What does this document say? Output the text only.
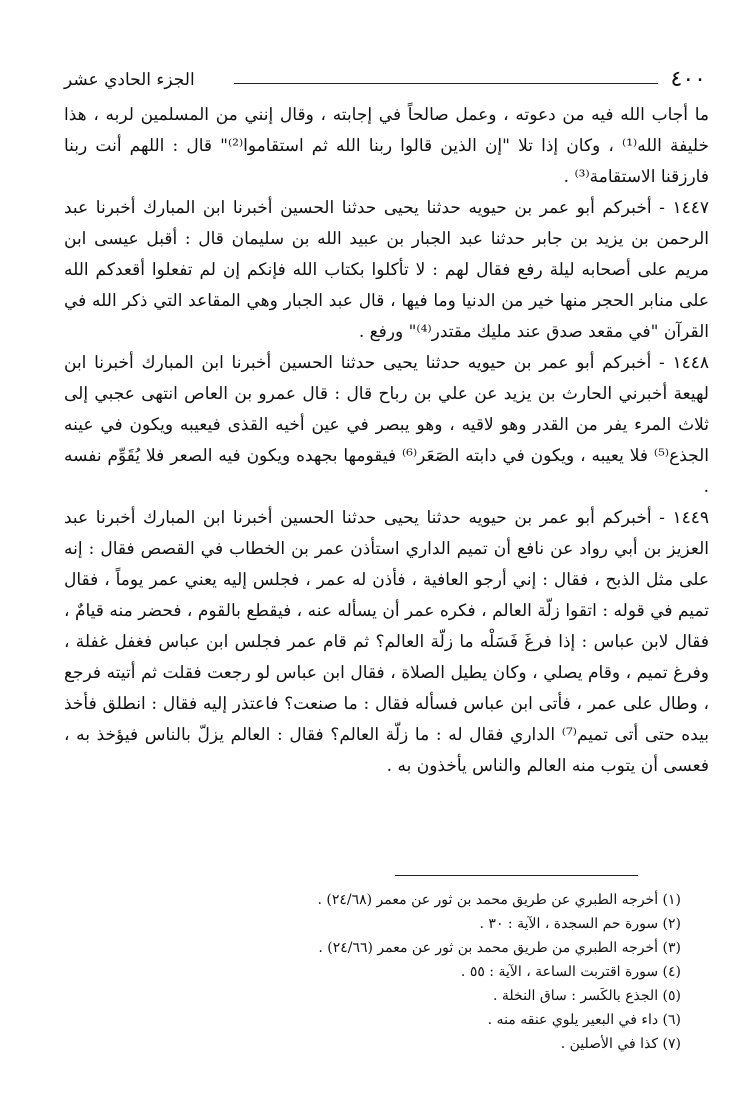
٤٠٠
الجزء الحادي عشر

ما أجاب الله فيه من دعوته ، وعمل صالحاً في إجابته ، وقال إنني من المسلمين لربه ، هذا خليفة الله⁽¹⁾ ، وكان إذا تلا "إن الذين قالوا ربنا الله ثم استقاموا⁽²⁾" قال : اللهم أنت ربنا فارزقنا الاستقامة⁽³⁾ .

١٤٤٧ - أخبركم أبو عمر بن حيويه حدثنا يحيى حدثنا الحسين أخبرنا ابن المبارك أخبرنا عبد الرحمن بن يزيد بن جابر حدثنا عبد الجبار بن عبيد الله بن سليمان قال : أقبل عيسى ابن مريم على أصحابه ليلة رفع فقال لهم : لا تأكلوا بكتاب الله فإنكم إن لم تفعلوا أقعدكم الله على منابر الحجر منها خير من الدنيا وما فيها ، قال عبد الجبار وهي المقاعد التي ذكر الله في القرآن "في مقعد صدق عند مليك مقتدر⁽⁴⁾" ورفع .

١٤٤٨ - أخبركم أبو عمر بن حيويه حدثنا يحيى حدثنا الحسين أخبرنا ابن المبارك أخبرنا ابن لهيعة أخبرني الحارث بن يزيد عن علي بن رباح قال : قال عمرو بن العاص انتهى عجبي إلى ثلاث المرء يفر من القدر وهو لاقيه ، وهو يبصر في عين أخيه القذى فيعيبه ويكون في عينه الجذع⁽⁵⁾ فلا يعيبه ، ويكون في دابته الصَعَر⁽⁶⁾ فيقومها بجهده ويكون فيه الصعر فلا يُقَوِّم نفسه .

١٤٤٩ - أخبركم أبو عمر بن حيويه حدثنا يحيى حدثنا الحسين أخبرنا ابن المبارك أخبرنا عبد العزيز بن أبي رواد عن نافع أن تميم الداري استأذن عمر بن الخطاب في القصص فقال : إنه على مثل الذبح ، فقال : إني أرجو العافية ، فأذن له عمر ، فجلس إليه يعني عمر يوماً ، فقال تميم في قوله : اتقوا زلّة العالم ، فكره عمر أن يسأله عنه ، فيقطع بالقوم ، فحضر منه قيامٌ ، فقال لابن عباس : إذا فرغَ فَسَلْه ما زلّة العالم؟ ثم قام عمر فجلس ابن عباس فغفل غفلة ، وفرغ تميم ، وقام يصلي ، وكان يطيل الصلاة ، فقال ابن عباس لو رجعت فقلت ثم أتيته فرجع ، وطال على عمر ، فأتى ابن عباس فسأله فقال : ما صنعت؟ فاعتذر إليه فقال : انطلق فأخذ بيده حتى أتى تميم⁽⁷⁾ الداري فقال له : ما زلّة العالم؟ فقال : العالم يزلّ بالناس فيؤخذ به ، فعسى أن يتوب منه العالم والناس يأخذون به .

(١) أخرجه الطبري عن طريق محمد بن ثور عن معمر (٢٤/٦٨) .

(٢) سورة حم السجدة ، الآية : ٣٠ .

(٣) أخرجه الطبري من طريق محمد بن ثور عن معمر (٢٤/٦٦) .

(٤) سورة اقتربت الساعة ، الآية : ٥٥ .

(٥) الجذع بالكَسر : ساق النخلة .

(٦) داء في البعير يلوي عنقه منه .

(٧) كذا في الأصلين .
